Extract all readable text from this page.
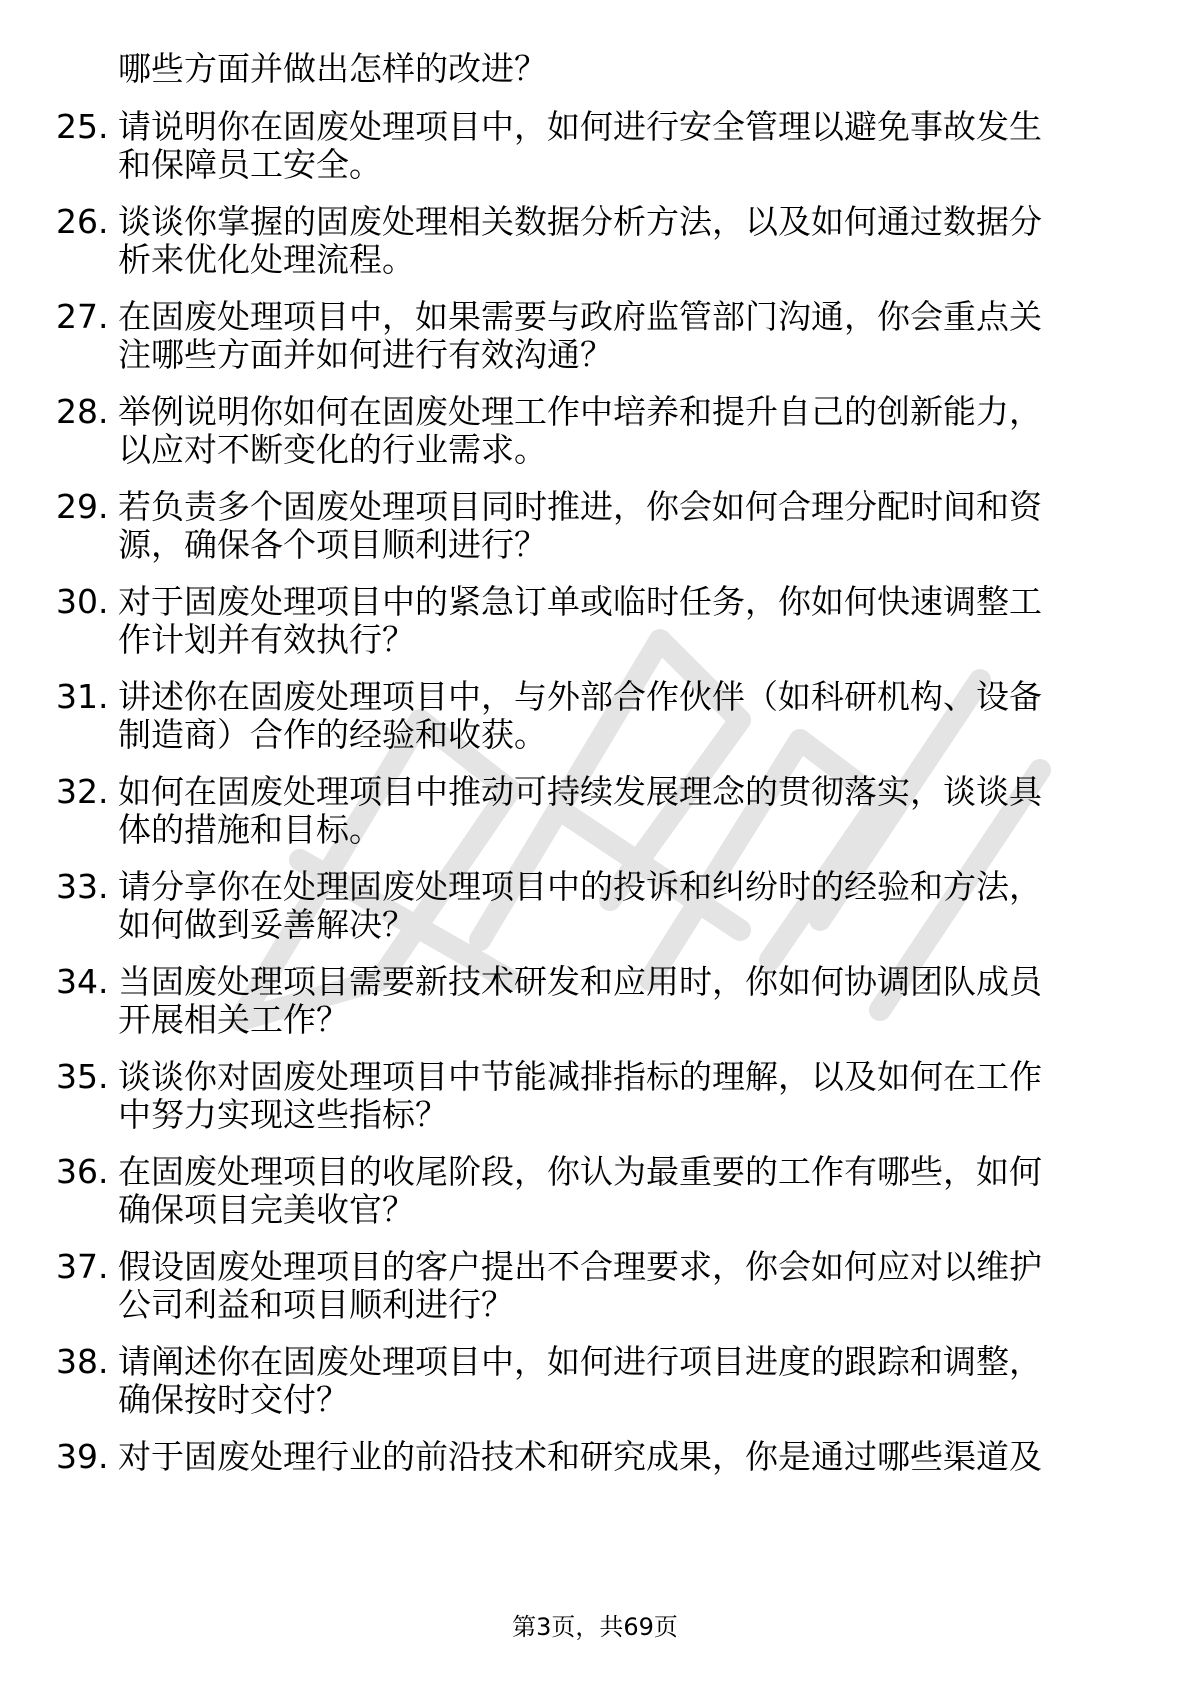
哪些方面并做出怎样的改进？
25. 请说明你在固废处理项目中，如何进行安全管理以避免事故发生
和保障员工安全。
26. 谈谈你掌握的固废处理相关数据分析方法，以及如何通过数据分
析来优化处理流程。
27. 在固废处理项目中，如果需要与政府监管部门沟通，你会重点关
注哪些方面并如何进行有效沟通？
28. 举例说明你如何在固废处理工作中培养和提升自己的创新能力，
以应对不断变化的行业需求。
29. 若负责多个固废处理项目同时推进，你会如何合理分配时间和资
源，确保各个项目顺利进行？
30. 对于固废处理项目中的紧急订单或临时任务，你如何快速调整工
作计划并有效执行？
31. 讲述你在固废处理项目中，与外部合作伙伴（如科研机构、设备
制造商）合作的经验和收获。
32. 如何在固废处理项目中推动可持续发展理念的贯彻落实，谈谈具
体的措施和目标。
33. 请分享你在处理固废处理项目中的投诉和纠纷时的经验和方法，
如何做到妥善解决？
34. 当固废处理项目需要新技术研发和应用时，你如何协调团队成员
开展相关工作？
35. 谈谈你对固废处理项目中节能减排指标的理解，以及如何在工作
中努力实现这些指标？
36. 在固废处理项目的收尾阶段，你认为最重要的工作有哪些，如何
确保项目完美收官？
37. 假设固废处理项目的客户提出不合理要求，你会如何应对以维护
公司利益和项目顺利进行？
38. 请阐述你在固废处理项目中，如何进行项目进度的跟踪和调整，
确保按时交付？
39. 对于固废处理行业的前沿技术和研究成果，你是通过哪些渠道及
第3页，共69页
